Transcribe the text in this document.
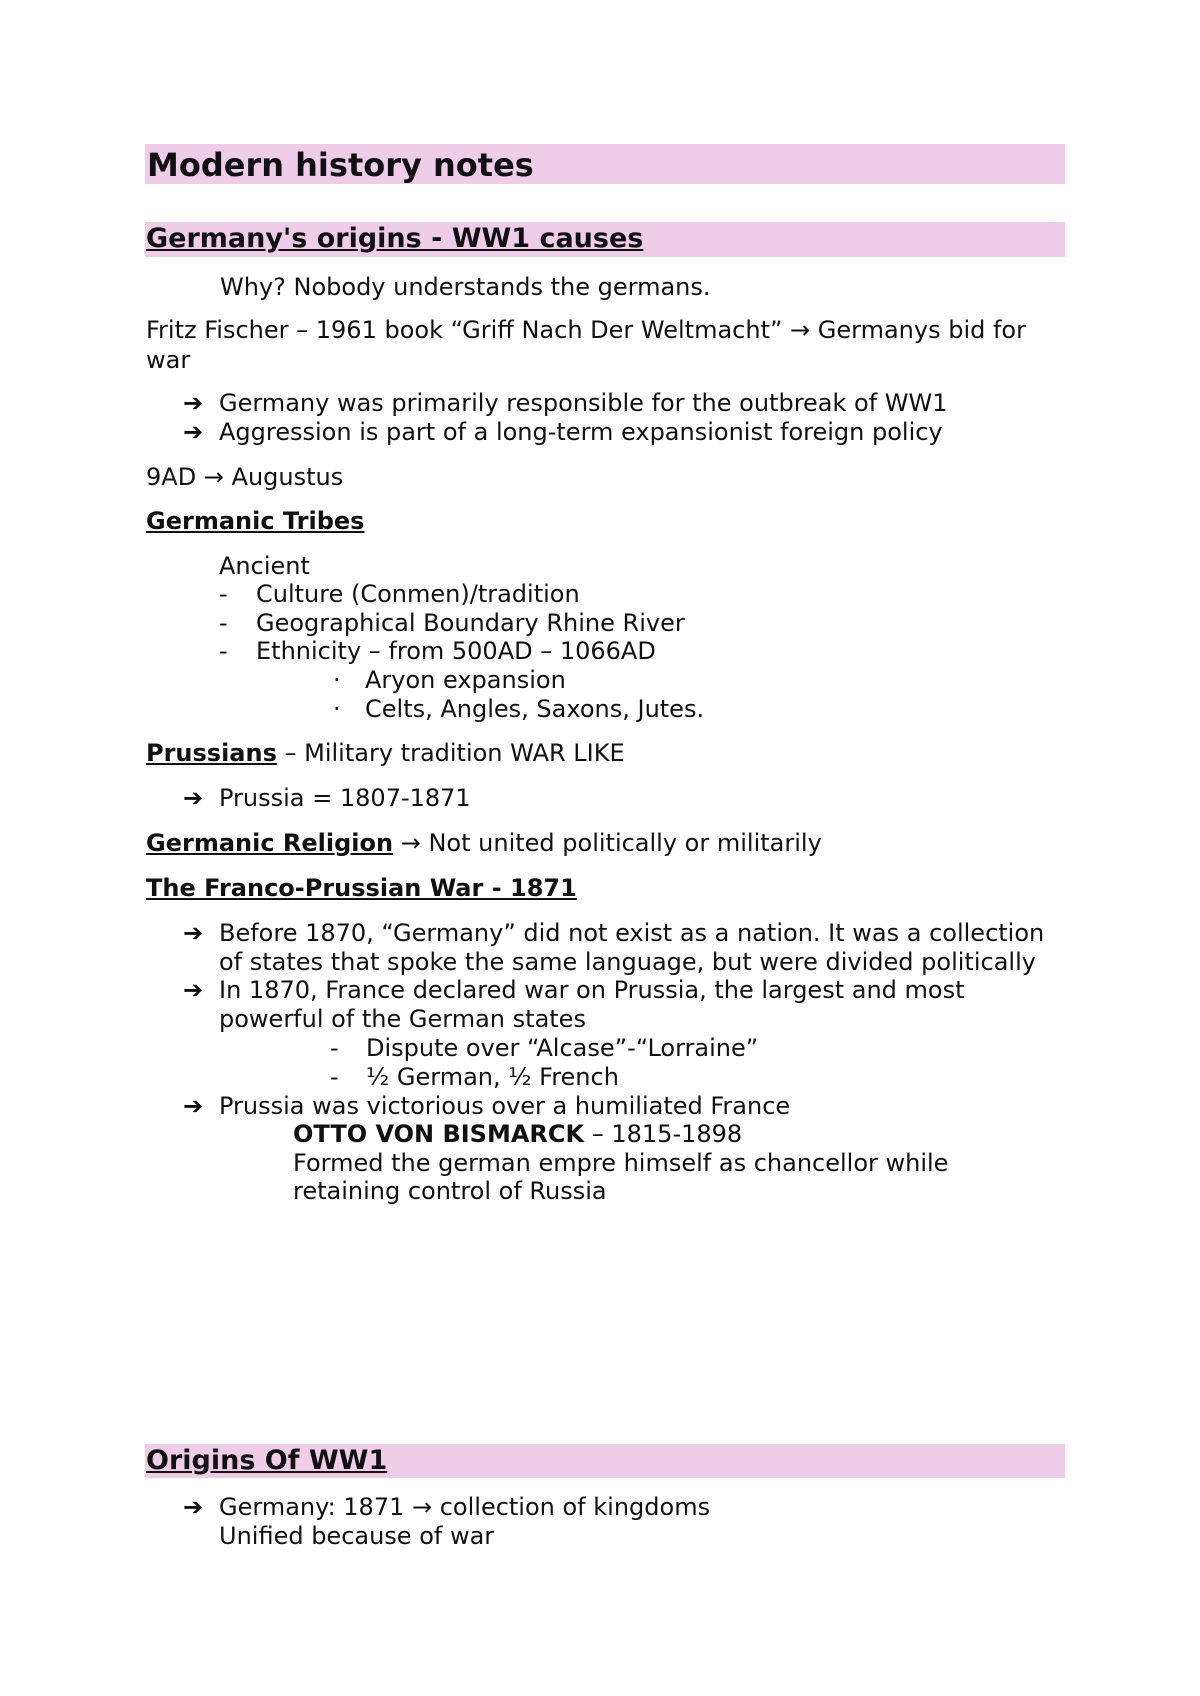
Modern history notes
Germany's origins - WW1 causes
Why? Nobody understands the germans.
Fritz Fischer – 1961 book “Griff Nach Der Weltmacht” → Germanys bid for
war
➔ Germany was primarily responsible for the outbreak of WW1
➔ Aggression is part of a long-term expansionist foreign policy
9AD → Augustus
Germanic Tribes
Ancient
- Culture (Conmen)/tradition
- Geographical Boundary Rhine River
- Ethnicity – from 500AD – 1066AD
· Aryon expansion
· Celts, Angles, Saxons, Jutes.
Prussians – Military tradition WAR LIKE
➔ Prussia = 1807-1871
Germanic Religion → Not united politically or militarily
The Franco-Prussian War - 1871
➔ Before 1870, “Germany” did not exist as a nation. It was a collection
of states that spoke the same language, but were divided politically
➔ In 1870, France declared war on Prussia, the largest and most
powerful of the German states
- Dispute over “Alcase”-“Lorraine”
- ½ German, ½ French
➔ Prussia was victorious over a humiliated France
OTTO VON BISMARCK – 1815-1898
Formed the german empre himself as chancellor while
retaining control of Russia
Origins Of WW1
➔ Germany: 1871 → collection of kingdoms
Unified because of war
